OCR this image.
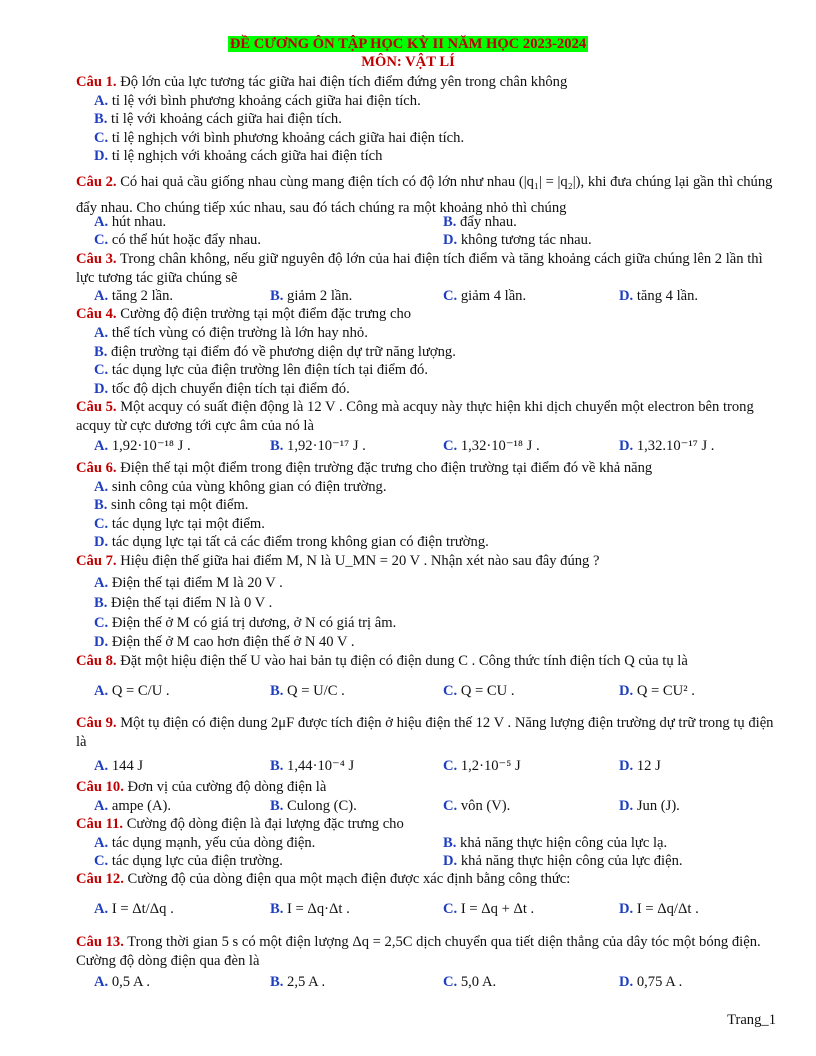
ĐỀ CƯƠNG ÔN TẬP HỌC KỲ II NĂM HỌC 2023-2024
MÔN: VẬT LÍ
Câu 1. Độ lớn của lực tương tác giữa hai điện tích điểm đứng yên trong chân không
A. tỉ lệ với bình phương khoảng cách giữa hai điện tích.
B. tỉ lệ với khoảng cách giữa hai điện tích.
C. tỉ lệ nghịch với bình phương khoảng cách giữa hai điện tích.
D. tỉ lệ nghịch với khoảng cách giữa hai điện tích
Câu 2. Có hai quả cầu giống nhau cùng mang điện tích có độ lớn như nhau (|q₁| = |q₂|), khi đưa chúng lại gần thì chúng đẩy nhau. Cho chúng tiếp xúc nhau, sau đó tách chúng ra một khoảng nhỏ thì chúng
A. hút nhau.	B. đẩy nhau.
C. có thể hút hoặc đẩy nhau.	D. không tương tác nhau.
Câu 3. Trong chân không, nếu giữ nguyên độ lớn của hai điện tích điểm và tăng khoảng cách giữa chúng lên 2 lần thì lực tương tác giữa chúng sẽ
A. tăng 2 lần.	B. giảm 2 lần.	C. giảm 4 lần.	D. tăng 4 lần.
Câu 4. Cường độ điện trường tại một điểm đặc trưng cho
A. thể tích vùng có điện trường là lớn hay nhỏ.
B. điện trường tại điểm đó về phương diện dự trữ năng lượng.
C. tác dụng lực của điện trường lên điện tích tại điểm đó.
D. tốc độ dịch chuyển điện tích tại điểm đó.
Câu 5. Một acquy có suất điện động là 12 V . Công mà acquy này thực hiện khi dịch chuyển một electron bên trong acquy từ cực dương tới cực âm của nó là
A. 1,92·10⁻¹⁸ J .	B. 1,92·10⁻¹⁷ J .	C. 1,32·10⁻¹⁸ J .	D. 1,32.10⁻¹⁷ J .
Câu 6. Điện thế tại một điểm trong điện trường đặc trưng cho điện trường tại điểm đó về khả năng
A. sinh công của vùng không gian có điện trường.
B. sinh công tại một điểm.
C. tác dụng lực tại một điểm.
D. tác dụng lực tại tất cả các điểm trong không gian có điện trường.
Câu 7. Hiệu điện thế giữa hai điểm M, N là U_MN = 20 V . Nhận xét nào sau đây đúng ?
A. Điện thế tại điểm M là 20 V .
B. Điện thế tại điểm N là 0 V .
C. Điện thế ở M có giá trị dương, ở N có giá trị âm.
D. Điện thế ở M cao hơn điện thế ở N 40 V .
Câu 8. Đặt một hiệu điện thế U vào hai bản tụ điện có điện dung C . Công thức tính điện tích Q của tụ là
A. Q = C/U .	B. Q = U/C .	C. Q = CU .	D. Q = CU² .
Câu 9. Một tụ điện có điện dung 2μF được tích điện ở hiệu điện thế 12 V . Năng lượng điện trường dự trữ trong tụ điện là
A. 144 J	B. 1,44·10⁻⁴ J	C. 1,2·10⁻⁵ J	D. 12 J
Câu 10. Đơn vị của cường độ dòng điện là
A. ampe (A).	B. Culong (C).	C. vôn (V).	D. Jun (J).
Câu 11. Cường độ dòng điện là đại lượng đặc trưng cho
A. tác dụng mạnh, yếu của dòng điện.	B. khả năng thực hiện công của lực lạ.
C. tác dụng lực của điện trường.	D. khả năng thực hiện công của lực điện.
Câu 12. Cường độ của dòng điện qua một mạch điện được xác định bằng công thức:
A. I = Δt/Δq .	B. I = Δq·Δt .	C. I = Δq + Δt .	D. I = Δq/Δt .
Câu 13. Trong thời gian 5 s có một điện lượng Δq = 2,5C dịch chuyển qua tiết diện thẳng của dây tóc một bóng điện. Cường độ dòng điện qua đèn là
A. 0,5 A .	B. 2,5 A .	C. 5,0 A.	D. 0,75 A .
Trang_1
